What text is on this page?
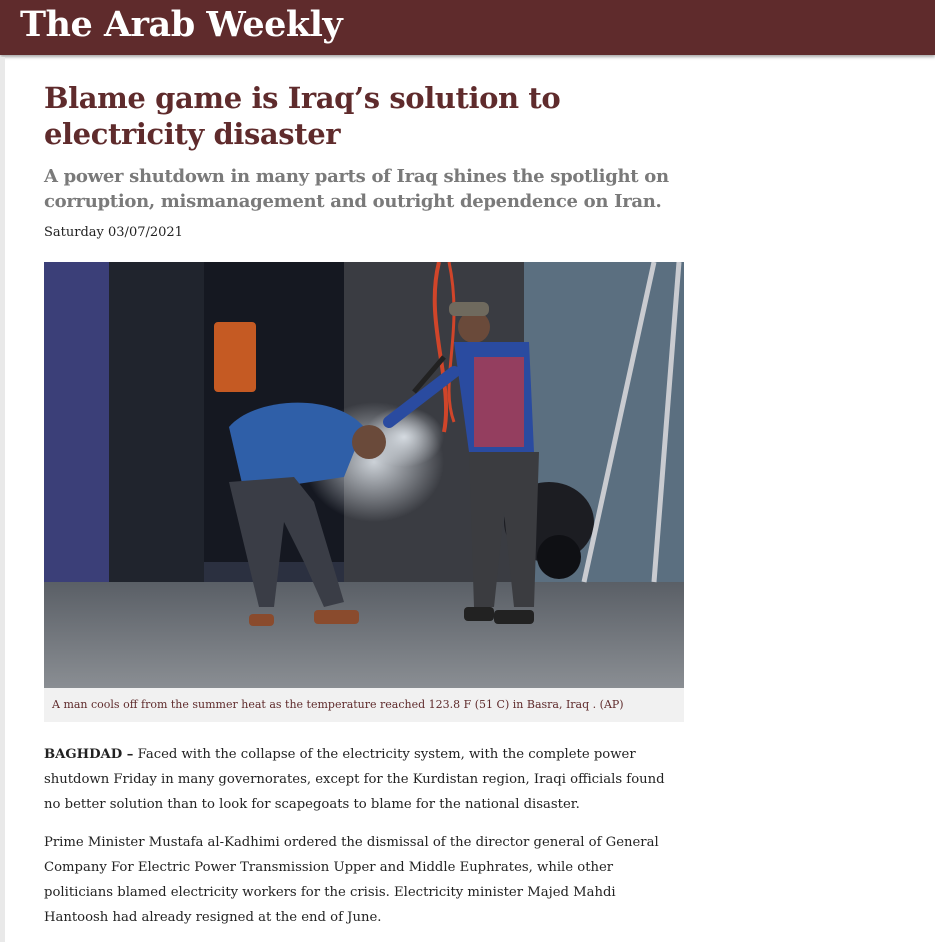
The Arab Weekly
Blame game is Iraq’s solution to electricity disaster
A power shutdown in many parts of Iraq shines the spotlight on corruption, mismanagement and outright dependence on Iran.
Saturday 03/07/2021
A man cools off from the summer heat as the temperature reached 123.8 F (51 C) in Basra, Iraq . (AP)

BAGHDAD – Faced with the collapse of the electricity system, with the complete power shutdown Friday in many governorates, except for the Kurdistan region, Iraqi officials found no better solution than to look for scapegoats to blame for the national disaster.

Prime Minister Mustafa al-Kadhimi ordered the dismissal of the director general of General Company For Electric Power Transmission Upper and Middle Euphrates, while other politicians blamed electricity workers for the crisis. Electricity minister Majed Mahdi Hantoosh had already resigned at the end of June.
